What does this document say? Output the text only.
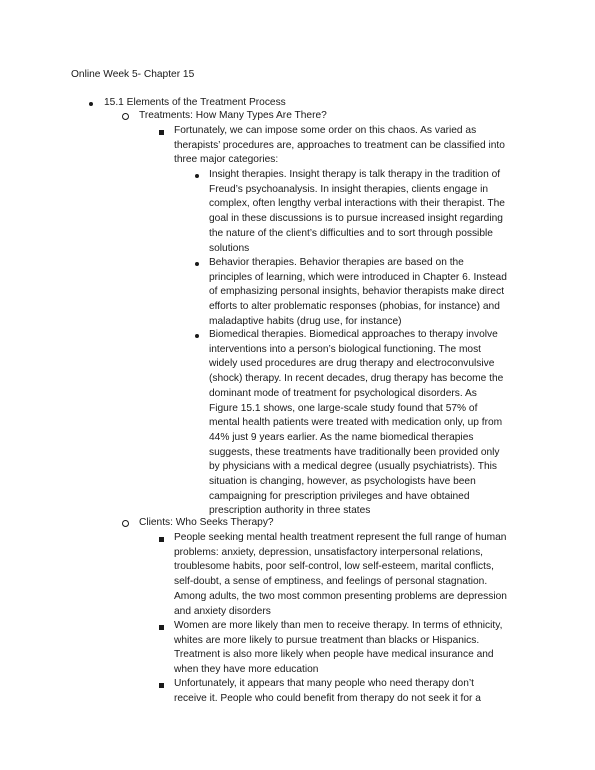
Online Week 5- Chapter 15
15.1 Elements of the Treatment Process
Treatments: How Many Types Are There?
Fortunately, we can impose some order on this chaos. As varied as
therapists’ procedures are, approaches to treatment can be classified into
three major categories:
Insight therapies. Insight therapy is talk therapy in the tradition of
Freud’s psychoanalysis. In insight therapies, clients engage in
complex, often lengthy verbal interactions with their therapist. The
goal in these discussions is to pursue increased insight regarding
the nature of the client’s difficulties and to sort through possible
solutions
Behavior therapies. Behavior therapies are based on the
principles of learning, which were introduced in Chapter 6. Instead
of emphasizing personal insights, behavior therapists make direct
efforts to alter problematic responses (phobias, for instance) and
maladaptive habits (drug use, for instance)
Biomedical therapies. Biomedical approaches to therapy involve
interventions into a person’s biological functioning. The most
widely used procedures are drug therapy and electroconvulsive
(shock) therapy. In recent decades, drug therapy has become the
dominant mode of treatment for psychological disorders. As
Figure 15.1 shows, one large-scale study found that 57% of
mental health patients were treated with medication only, up from
44% just 9 years earlier. As the name biomedical therapies
suggests, these treatments have traditionally been provided only
by physicians with a medical degree (usually psychiatrists). This
situation is changing, however, as psychologists have been
campaigning for prescription privileges and have obtained
prescription authority in three states
Clients: Who Seeks Therapy?
People seeking mental health treatment represent the full range of human
problems: anxiety, depression, unsatisfactory interpersonal relations,
troublesome habits, poor self-control, low self-esteem, marital conflicts,
self-doubt, a sense of emptiness, and feelings of personal stagnation.
Among adults, the two most common presenting problems are depression
and anxiety disorders
Women are more likely than men to receive therapy. In terms of ethnicity,
whites are more likely to pursue treatment than blacks or Hispanics.
Treatment is also more likely when people have medical insurance and
when they have more education
Unfortunately, it appears that many people who need therapy don’t
receive it. People who could benefit from therapy do not seek it for a
